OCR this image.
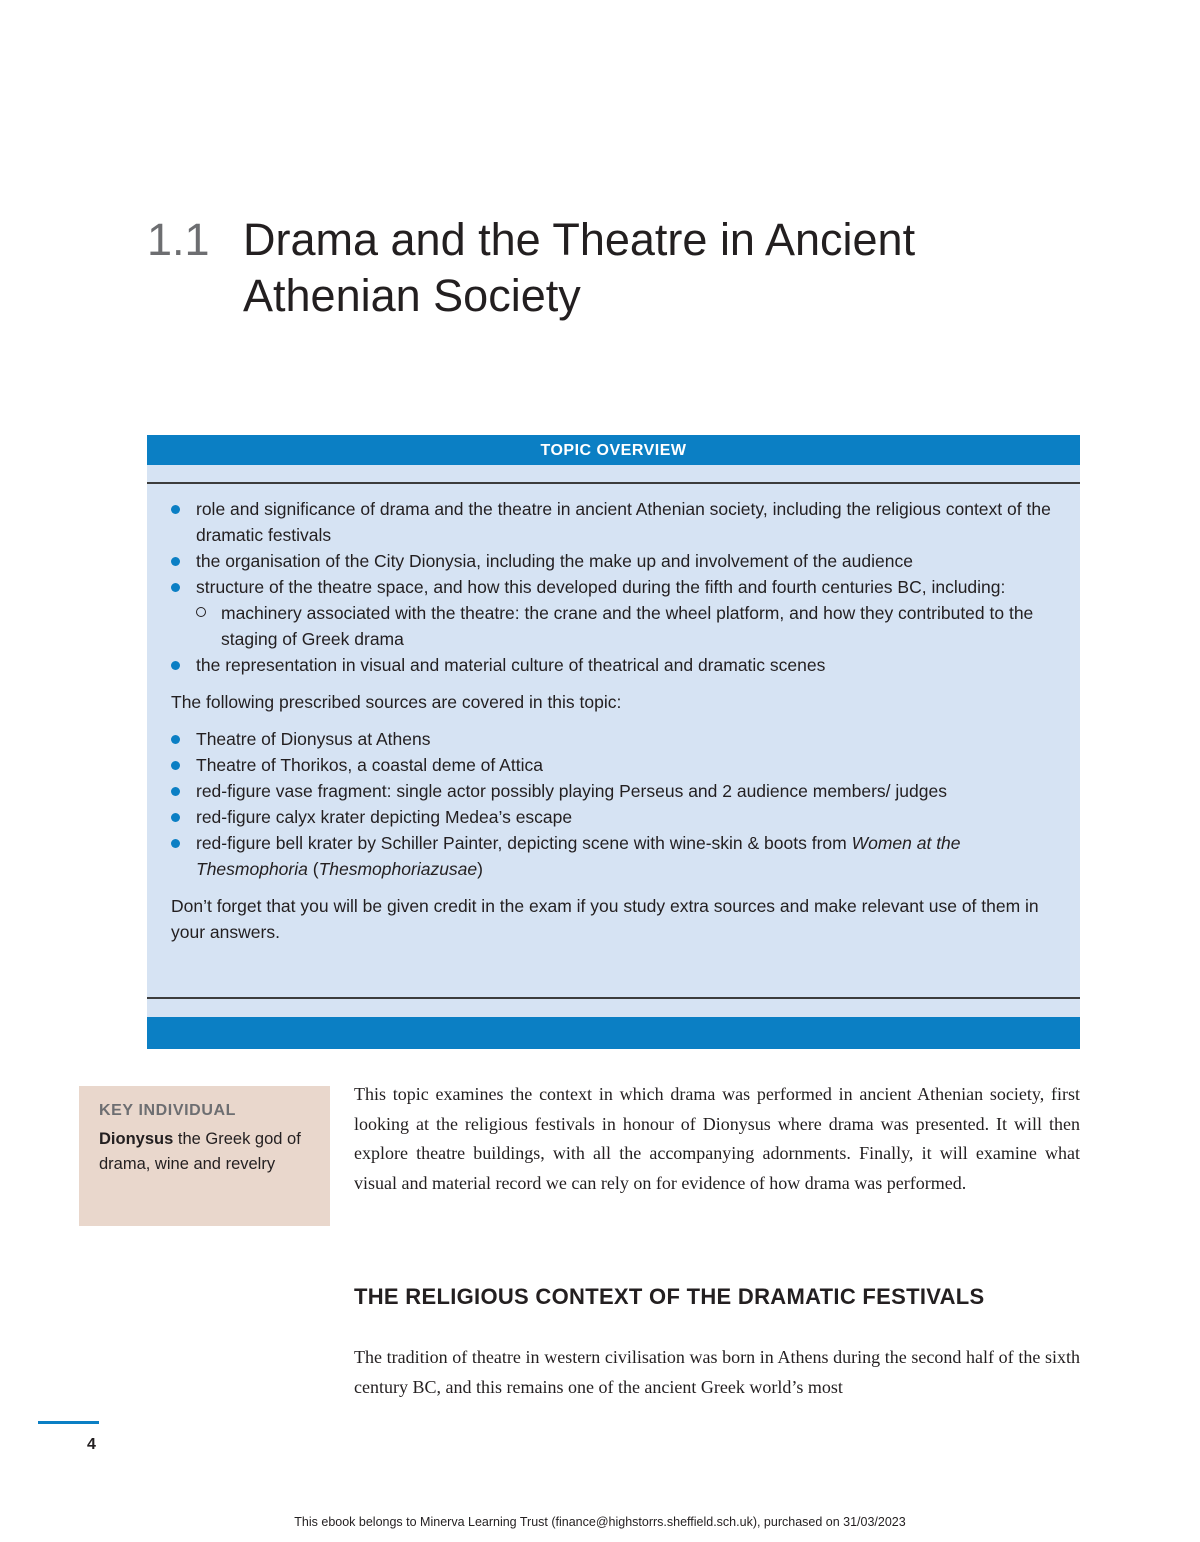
1.1 Drama and the Theatre in Ancient
Athenian Society
TOPIC OVERVIEW
role and significance of drama and the theatre in ancient Athenian society, including the religious context of the dramatic festivals
the organisation of the City Dionysia, including the make up and involvement of the audience
structure of the theatre space, and how this developed during the fifth and fourth centuries BC, including:
machinery associated with the theatre: the crane and the wheel platform, and how they contributed to the staging of Greek drama
the representation in visual and material culture of theatrical and dramatic scenes

The following prescribed sources are covered in this topic:

Theatre of Dionysus at Athens
Theatre of Thorikos, a coastal deme of Attica
red-figure vase fragment: single actor possibly playing Perseus and 2 audience members/ judges
red-figure calyx krater depicting Medea’s escape
red-figure bell krater by Schiller Painter, depicting scene with wine-skin & boots from Women at the Thesmophoria (Thesmophoriazusae)

Don’t forget that you will be given credit in the exam if you study extra sources and make relevant use of them in your answers.

KEY INDIVIDUAL
Dionysus the Greek god of drama, wine and revelry
This topic examines the context in which drama was performed in ancient Athenian society, first looking at the religious festivals in honour of Dionysus where drama was presented. It will then explore theatre buildings, with all the accompanying adornments. Finally, it will examine what visual and material record we can rely on for evidence of how drama was performed.
THE RELIGIOUS CONTEXT OF THE DRAMATIC FESTIVALS
The tradition of theatre in western civilisation was born in Athens during the second half of the sixth century BC, and this remains one of the ancient Greek world’s most
4
This ebook belongs to Minerva Learning Trust (finance@highstorrs.sheffield.sch.uk), purchased on 31/03/2023
